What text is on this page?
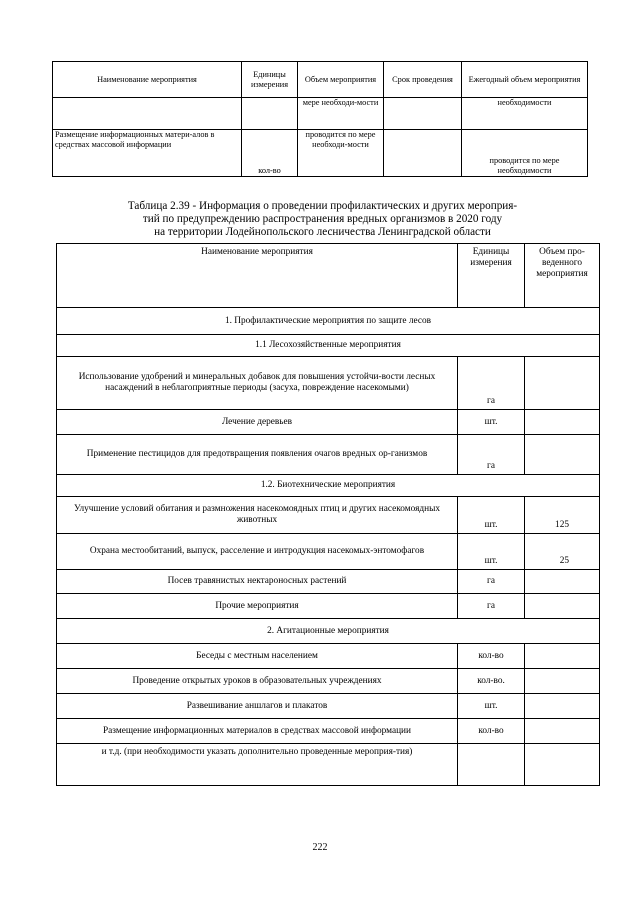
Наименование мероприятия	Единицы измерения	Объем мероприятия	Срок проведения	Ежегодный объем мероприятия
		мере необходи-мости		необходимости
Размещение информационных матери-алов в средствах массовой информации	кол-во	проводится по мере необходи-мости		проводится по мере необходимости
Таблица 2.39 - Информация о проведении профилактических и других мероприя-
тий по предупреждению распространения вредных организмов в 2020 году
на территории Лодейнопольского лесничества Ленинградской области
Наименование мероприятия	Единицы измерения	Объем про-веденного мероприятия
1. Профилактические мероприятия по защите лесов		
1.1 Лесохозяйственные мероприятия		
Использование удобрений и минеральных добавок для повышения устойчи-вости лесных насаждений в неблагоприятные периоды (засуха, повреждение насекомыми)	га	
Лечение деревьев	шт.	
Применение пестицидов для предотвращения появления очагов вредных ор-ганизмов	га	
1.2. Биотехнические мероприятия		
Улучшение условий обитания и размножения насекомоядных птиц и других насекомоядных животных	шт.	125
Охрана местообитаний, выпуск, расселение и интродукция насекомых-энтомофагов	шт.	25
Посев травянистых нектароносных растений	га	
Прочие мероприятия	га	
2. Агитационные мероприятия		
Беседы с местным населением	кол-во	
Проведение открытых уроков в образовательных учреждениях	кол-во.	
Развешивание аншлагов и плакатов	шт.	
Размещение информационных материалов в средствах массовой информации	кол-во	
и т.д. (при необходимости указать дополнительно проведенные мероприя-тия)		
222
